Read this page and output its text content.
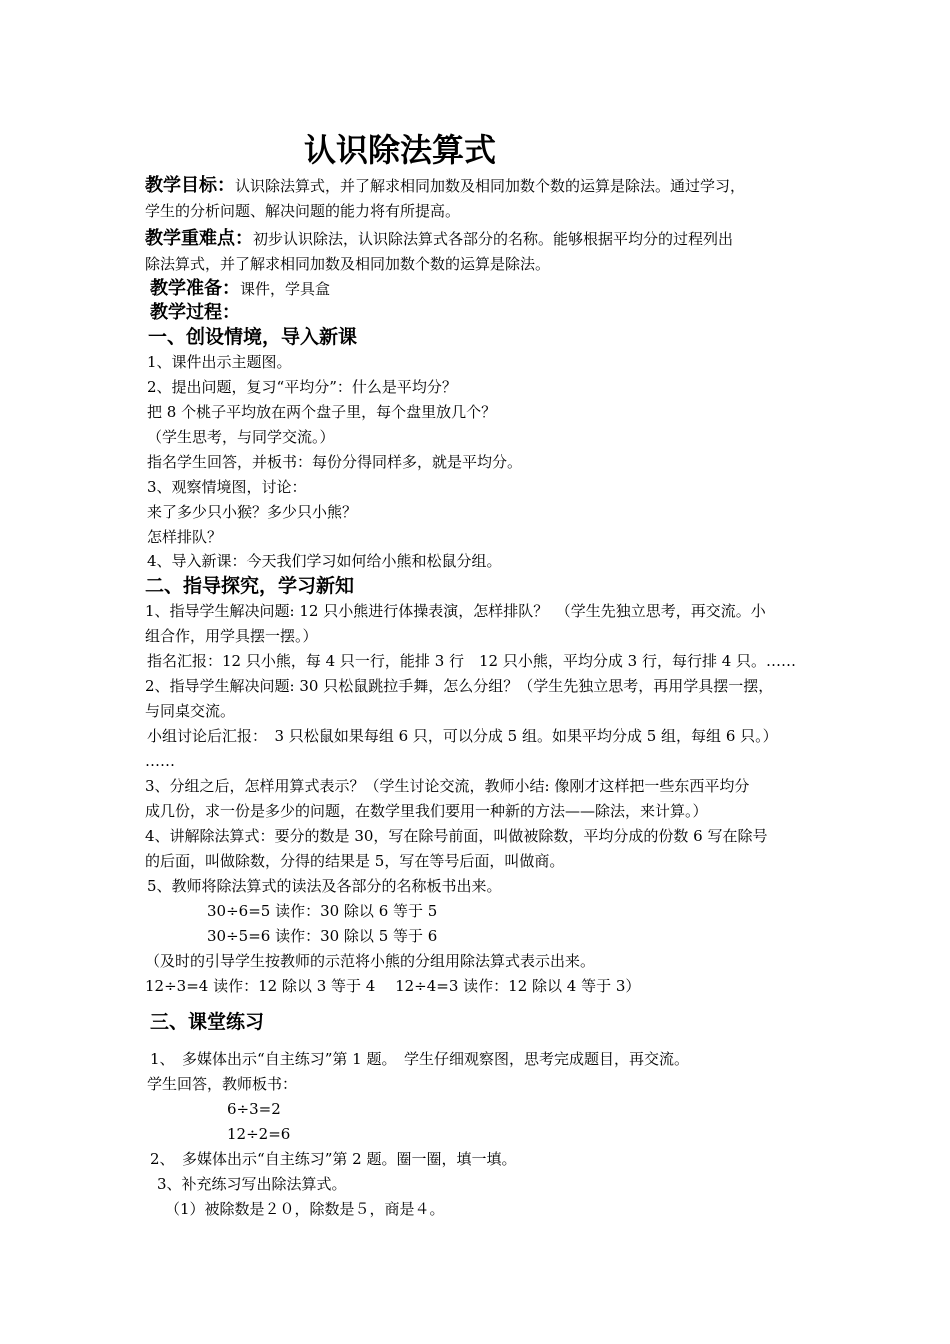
认识除法算式
教学目标：认识除法算式，并了解求相同加数及相同加数个数的运算是除法。通过学习，
学生的分析问题、解决问题的能力将有所提高。
教学重难点：初步认识除法，认识除法算式各部分的名称。能够根据平均分的过程列出
除法算式，并了解求相同加数及相同加数个数的运算是除法。
教学准备：课件，学具盒
教学过程：
一、创设情境，导入新课
1、课件出示主题图。
2、提出问题，复习“平均分”：什么是平均分？
把 8 个桃子平均放在两个盘子里，每个盘里放几个？
（学生思考，与同学交流。）
指名学生回答，并板书：每份分得同样多，就是平均分。
3、观察情境图，讨论：
来了多少只小猴？多少只小熊？
怎样排队？
4、导入新课：今天我们学习如何给小熊和松鼠分组。
二、指导探究，学习新知
1、指导学生解决问题: 12 只小熊进行体操表演，怎样排队？　（学生先独立思考，再交流。小
组合作，用学具摆一摆。）
指名汇报：12 只小熊，每 4 只一行，能排 3 行　12 只小熊，平均分成 3 行，每行排 4 只。……
2、指导学生解决问题: 30 只松鼠跳拉手舞，怎么分组？（学生先独立思考，再用学具摆一摆，
与同桌交流。
小组讨论后汇报：　3 只松鼠如果每组 6 只，可以分成 5 组。如果平均分成 5 组，每组 6 只。）
……
3、分组之后，怎样用算式表示？（学生讨论交流，教师小结: 像刚才这样把一些东西平均分
成几份，求一份是多少的问题，在数学里我们要用一种新的方法——除法，来计算。）
4、讲解除法算式：要分的数是 30，写在除号前面，叫做被除数，平均分成的份数 6 写在除号
的后面，叫做除数，分得的结果是 5，写在等号后面，叫做商。
5、教师将除法算式的读法及各部分的名称板书出来。
30÷6=5 读作：30 除以 6 等于 5
30÷5=6 读作：30 除以 5 等于 6
（及时的引导学生按教师的示范将小熊的分组用除法算式表示出来。
12÷3=4 读作：12 除以 3 等于 4　 12÷4=3 读作：12 除以 4 等于 3）
三、课堂练习
1、　多媒体出示“自主练习”第 1 题。　学生仔细观察图，思考完成题目，再交流。
学生回答，教师板书：
6÷3=2
12÷2=6
2、　多媒体出示“自主练习”第 2 题。圈一圈，填一填。
3、补充练习写出除法算式。
（1）被除数是２０，除数是５，商是４。
